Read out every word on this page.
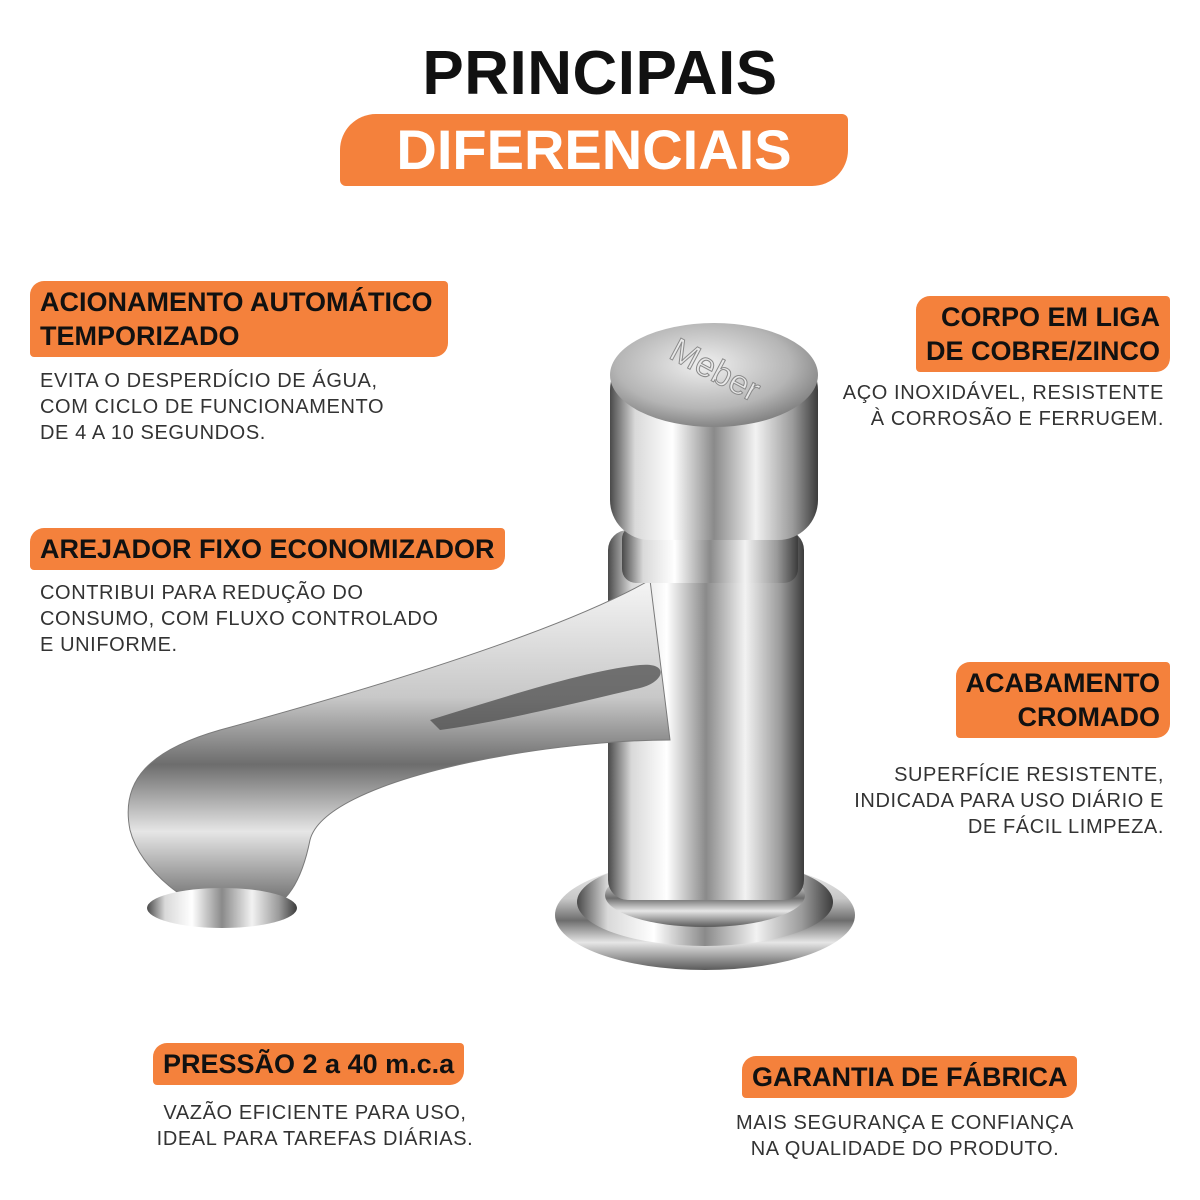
PRINCIPAIS
DIFERENCIAIS
Meber
ACIONAMENTO AUTOMÁTICO
TEMPORIZADO
EVITA O DESPERDÍCIO DE ÁGUA,
COM CICLO DE FUNCIONAMENTO
DE 4 A 10 SEGUNDOS.
AREJADOR FIXO ECONOMIZADOR
CONTRIBUI PARA REDUÇÃO DO
CONSUMO, COM FLUXO CONTROLADO
E UNIFORME.
CORPO EM LIGA
DE COBRE/ZINCO
AÇO INOXIDÁVEL, RESISTENTE
À CORROSÃO E FERRUGEM.
ACABAMENTO
CROMADO
SUPERFÍCIE RESISTENTE,
INDICADA PARA USO DIÁRIO E
DE FÁCIL LIMPEZA.
PRESSÃO 2 a 40 m.c.a
VAZÃO EFICIENTE PARA USO,
IDEAL PARA TAREFAS DIÁRIAS.
GARANTIA DE FÁBRICA
MAIS SEGURANÇA E CONFIANÇA
NA QUALIDADE DO PRODUTO.
